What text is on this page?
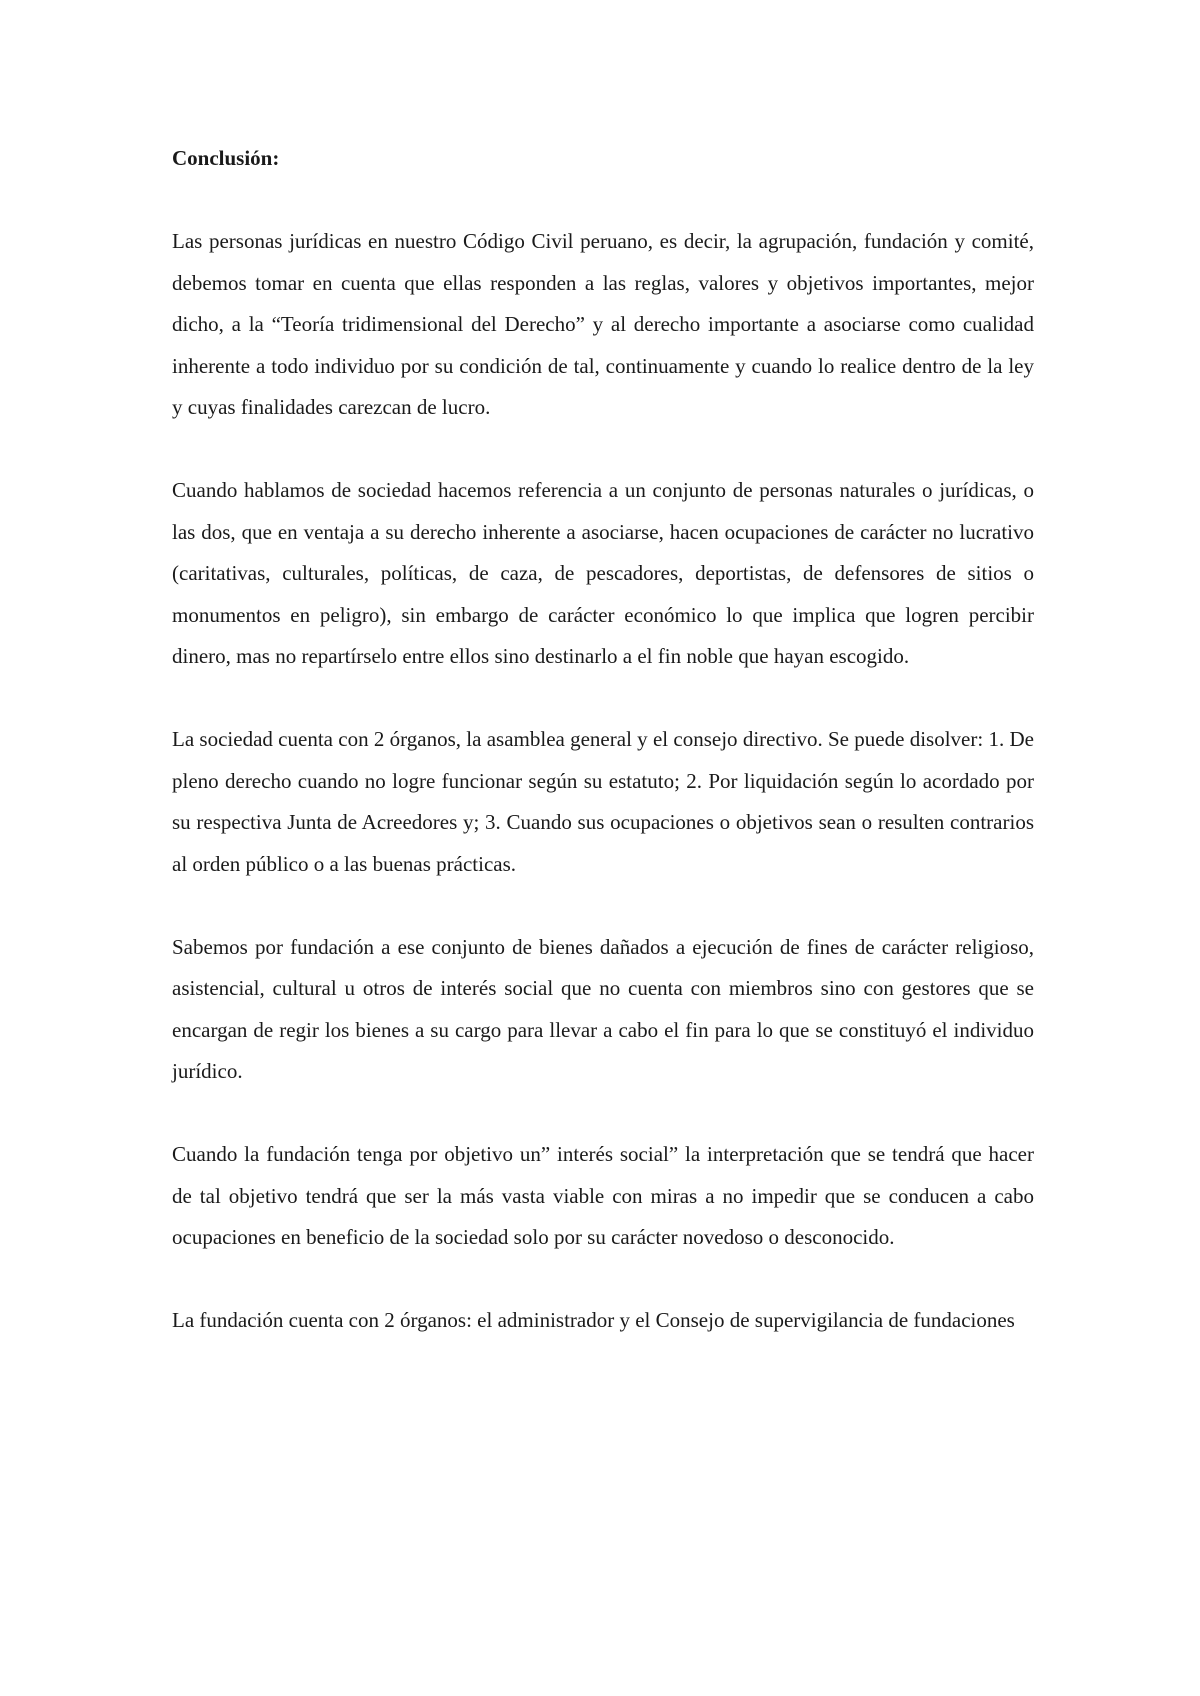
Conclusión:

Las personas jurídicas en nuestro Código Civil peruano, es decir, la agrupación, fundación y comité, debemos tomar en cuenta que ellas responden a las reglas, valores y objetivos importantes, mejor dicho, a la “Teoría tridimensional del Derecho” y al derecho importante a asociarse como cualidad inherente a todo individuo por su condición de tal, continuamente y cuando lo realice dentro de la ley y cuyas finalidades carezcan de lucro.

Cuando hablamos de sociedad hacemos referencia a un conjunto de personas naturales o jurídicas, o las dos, que en ventaja a su derecho inherente a asociarse, hacen ocupaciones de carácter no lucrativo (caritativas, culturales, políticas, de caza, de pescadores, deportistas, de defensores de sitios o monumentos en peligro), sin embargo de carácter económico lo que implica que logren percibir dinero, mas no repartírselo entre ellos sino destinarlo a el fin noble que hayan escogido.

La sociedad cuenta con 2 órganos, la asamblea general y el consejo directivo. Se puede disolver: 1. De pleno derecho cuando no logre funcionar según su estatuto; 2. Por liquidación según lo acordado por su respectiva Junta de Acreedores y; 3. Cuando sus ocupaciones o objetivos sean o resulten contrarios al orden público o a las buenas prácticas.

Sabemos por fundación a ese conjunto de bienes dañados a ejecución de fines de carácter religioso, asistencial, cultural u otros de interés social que no cuenta con miembros sino con gestores que se encargan de regir los bienes a su cargo para llevar a cabo el fin para lo que se constituyó el individuo jurídico.

Cuando la fundación tenga por objetivo un” interés social” la interpretación que se tendrá que hacer de tal objetivo tendrá que ser la más vasta viable con miras a no impedir que se conducen a cabo ocupaciones en beneficio de la sociedad solo por su carácter novedoso o desconocido.

La fundación cuenta con 2 órganos: el administrador y el Consejo de supervigilancia de fundaciones
